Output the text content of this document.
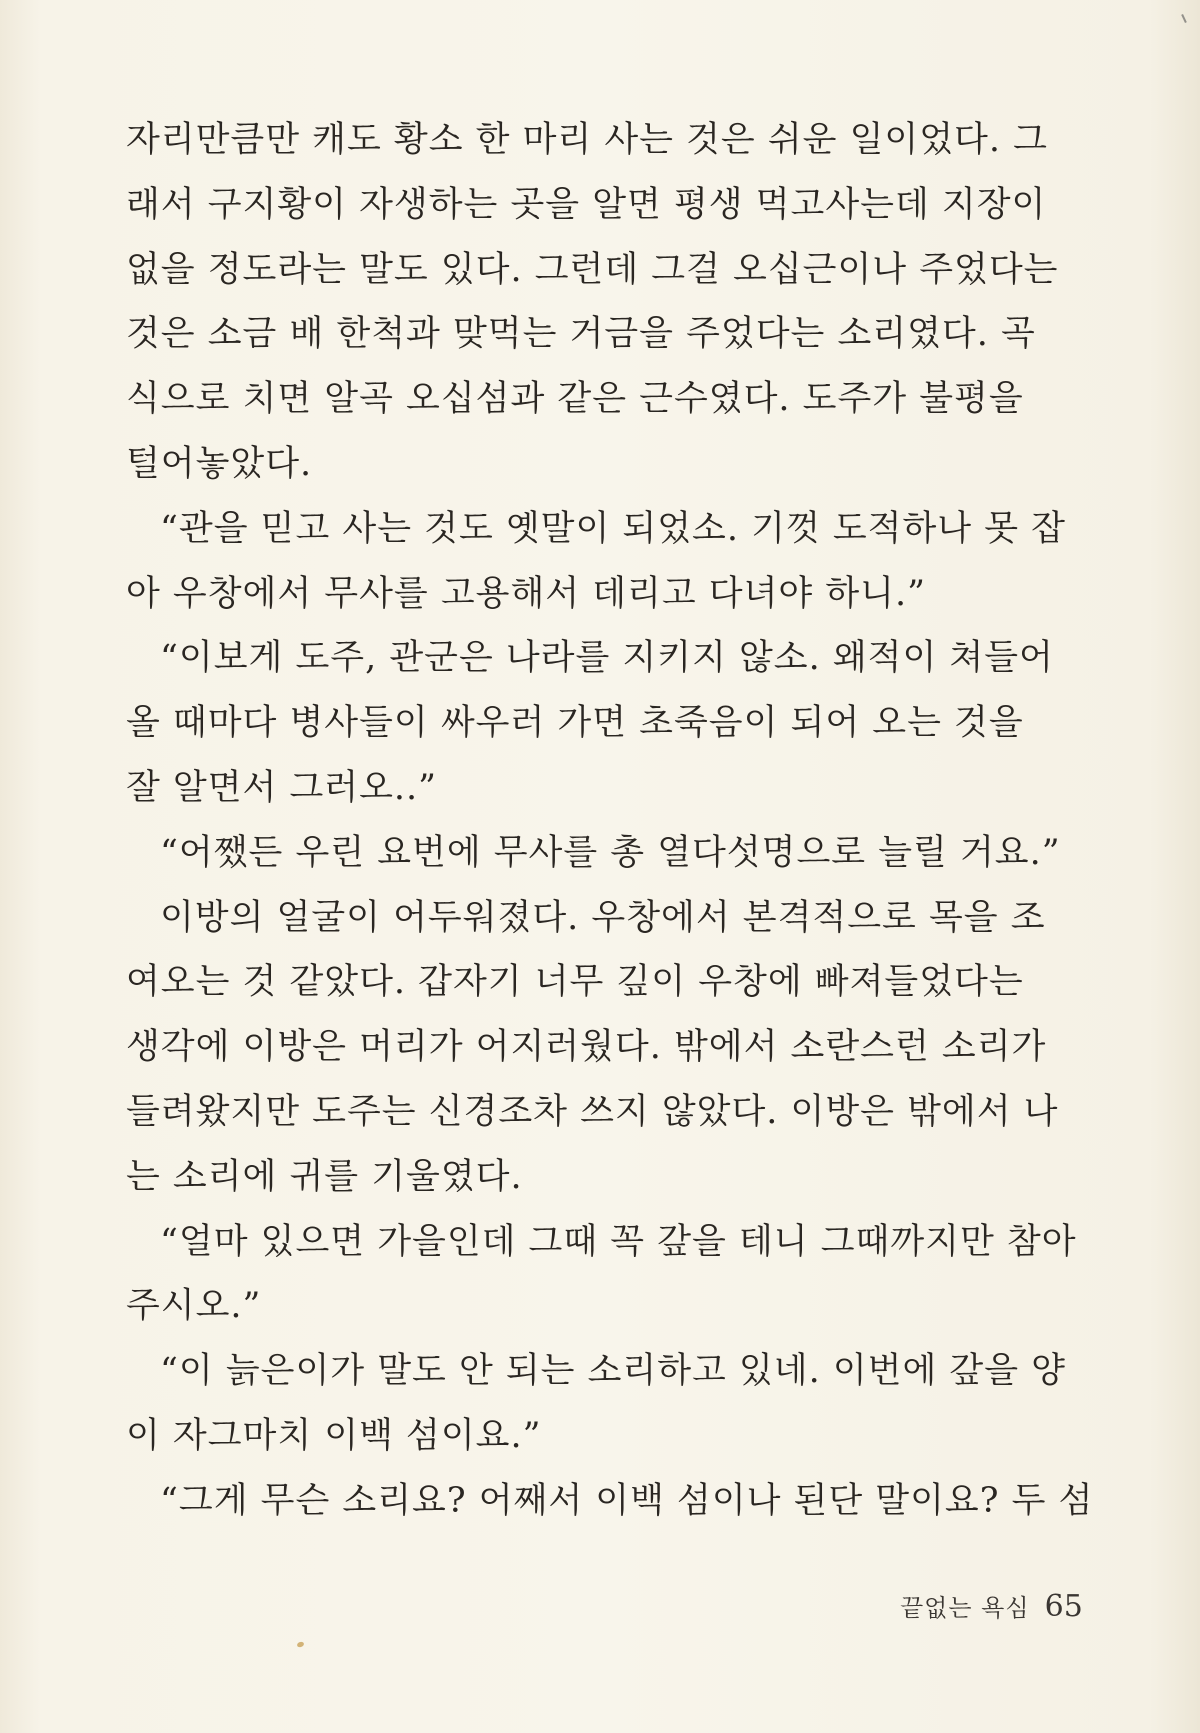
자리만큼만 캐도 황소 한 마리 사는 것은 쉬운 일이었다. 그
래서 구지황이 자생하는 곳을 알면 평생 먹고사는데 지장이
없을 정도라는 말도 있다. 그런데 그걸 오십근이나 주었다는
것은 소금 배 한척과 맞먹는 거금을 주었다는 소리였다. 곡
식으로 치면 알곡 오십섬과 같은 근수였다. 도주가 불평을
털어놓았다.
“관을 믿고 사는 것도 옛말이 되었소. 기껏 도적하나 못 잡
아 우창에서 무사를 고용해서 데리고 다녀야 하니.”
“이보게 도주, 관군은 나라를 지키지 않소. 왜적이 쳐들어
올 때마다 병사들이 싸우러 가면 초죽음이 되어 오는 것을
잘 알면서 그러오..”
“어쨌든 우린 요번에 무사를 총 열다섯명으로 늘릴 거요.”
이방의 얼굴이 어두워졌다. 우창에서 본격적으로 목을 조
여오는 것 같았다. 갑자기 너무 깊이 우창에 빠져들었다는
생각에 이방은 머리가 어지러웠다. 밖에서 소란스런 소리가
들려왔지만 도주는 신경조차 쓰지 않았다. 이방은 밖에서 나
는 소리에 귀를 기울였다.
“얼마 있으면 가을인데 그때 꼭 갚을 테니 그때까지만 참아
주시오.”
“이 늙은이가 말도 안 되는 소리하고 있네. 이번에 갚을 양
이 자그마치 이백 섬이요.”
“그게 무슨 소리요? 어째서 이백 섬이나 된단 말이요? 두 섬
끝없는 욕심 65
